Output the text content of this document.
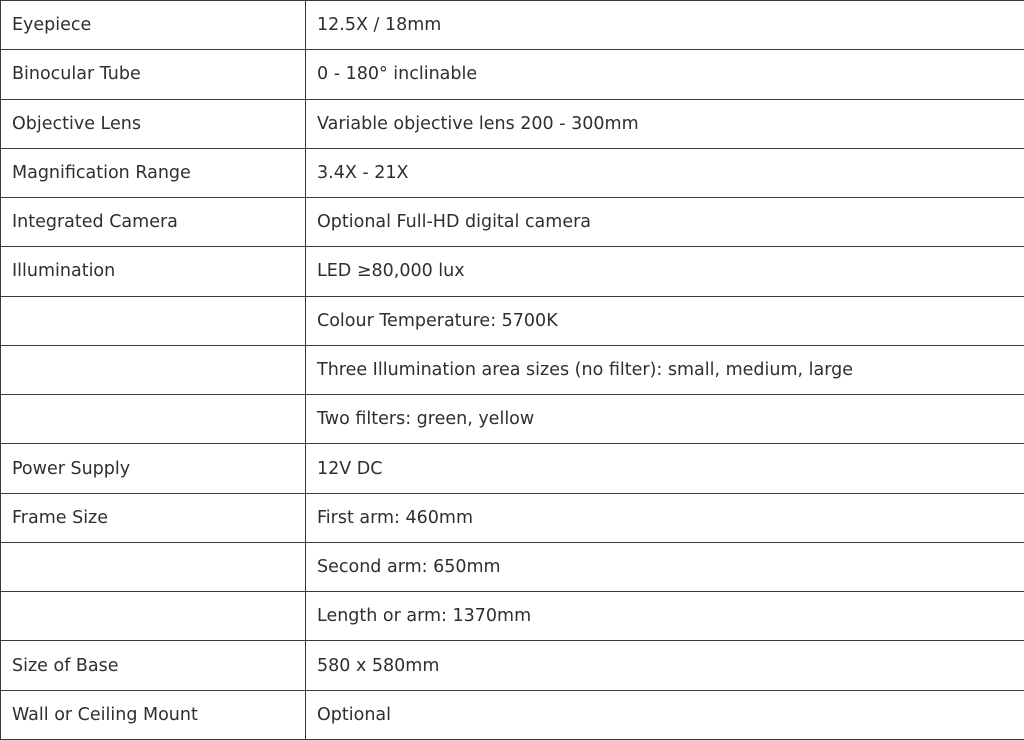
Eyepiece	12.5X / 18mm
Binocular Tube	0 - 180° inclinable
Objective Lens	Variable objective lens 200 - 300mm
Magnification Range	3.4X - 21X
Integrated Camera	Optional Full-HD digital camera
Illumination	LED ≥80,000 lux
	Colour Temperature: 5700K
	Three Illumination area sizes (no filter): small, medium, large
	Two filters: green, yellow
Power Supply	12V DC
Frame Size	First arm: 460mm
	Second arm: 650mm
	Length or arm: 1370mm
Size of Base	580 x 580mm
Wall or Ceiling Mount	Optional
